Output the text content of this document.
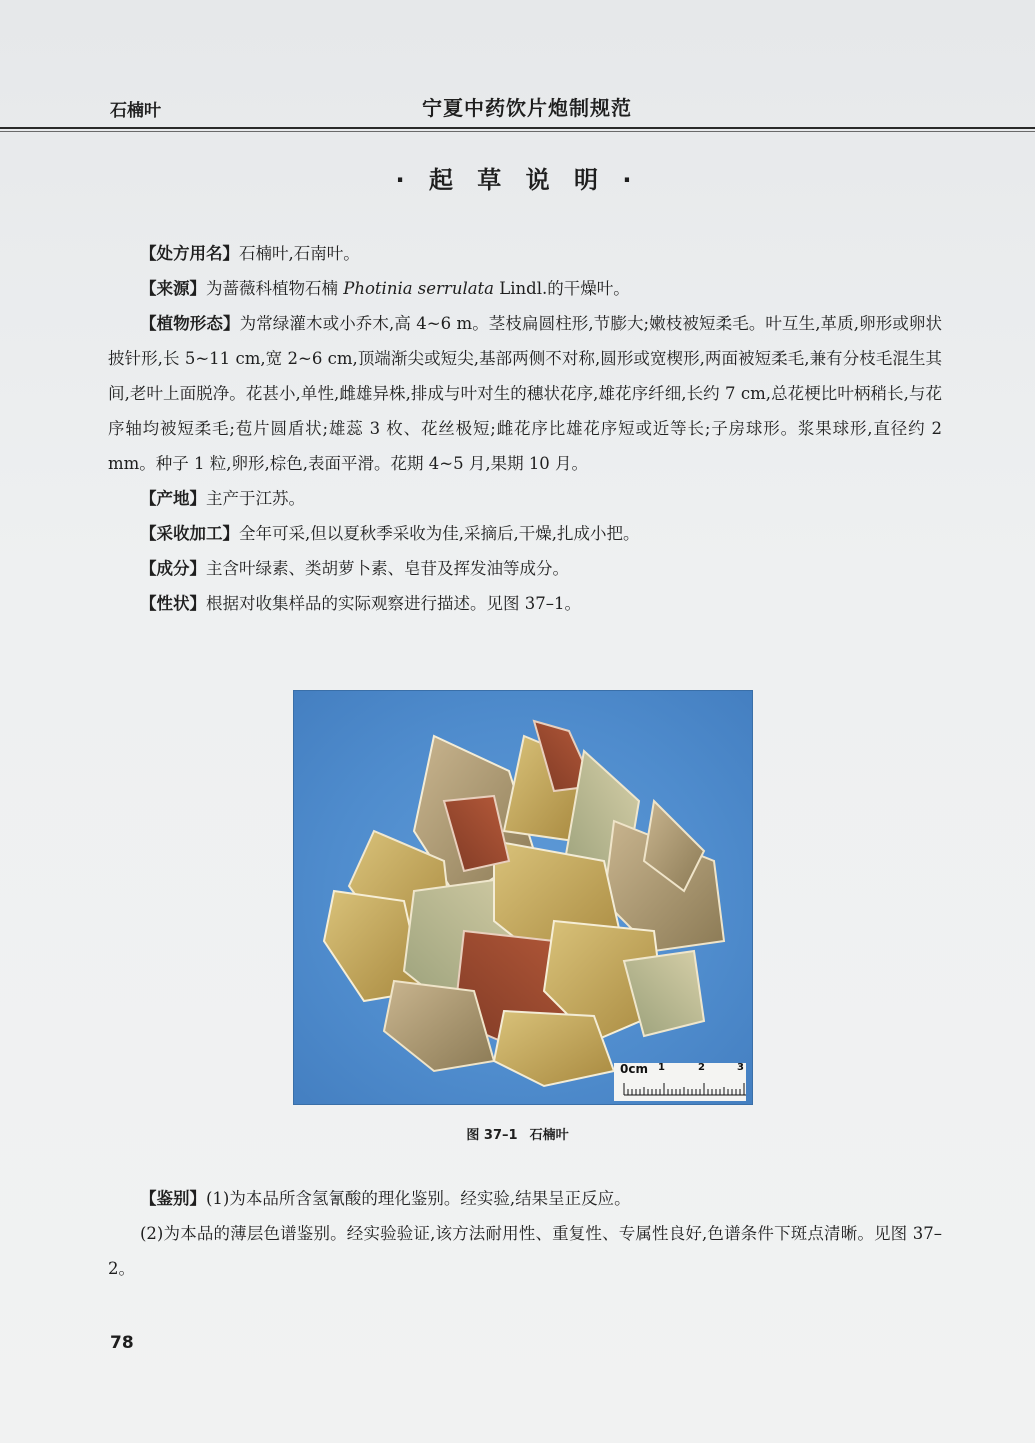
石楠叶	宁夏中药饮片炮制规范
· 起 草 说 明 ·

【处方用名】石楠叶,石南叶。

【来源】为蔷薇科植物石楠 Photinia serrulata Lindl.的干燥叶。

【植物形态】为常绿灌木或小乔木,高 4~6 m。茎枝扁圆柱形,节膨大;嫩枝被短柔毛。叶互生,革质,卵形或卵状披针形,长 5~11 cm,宽 2~6 cm,顶端渐尖或短尖,基部两侧不对称,圆形或宽楔形,两面被短柔毛,兼有分枝毛混生其间,老叶上面脱净。花甚小,单性,雌雄异株,排成与叶对生的穗状花序,雄花序纤细,长约 7 cm,总花梗比叶柄稍长,与花序轴均被短柔毛;苞片圆盾状;雄蕊 3 枚、花丝极短;雌花序比雄花序短或近等长;子房球形。浆果球形,直径约 2 mm。种子 1 粒,卵形,棕色,表面平滑。花期 4~5 月,果期 10 月。

【产地】主产于江苏。

【采收加工】全年可采,但以夏秋季采收为佳,采摘后,干燥,扎成小把。

【成分】主含叶绿素、类胡萝卜素、皂苷及挥发油等成分。

【性状】根据对收集样品的实际观察进行描述。见图 37–1。

0cm 1	2	3
图 37–1 石楠叶

【鉴别】(1)为本品所含氢氰酸的理化鉴别。经实验,结果呈正反应。

(2)为本品的薄层色谱鉴别。经实验验证,该方法耐用性、重复性、专属性良好,色谱条件下斑点清晰。见图 37–2。

78
